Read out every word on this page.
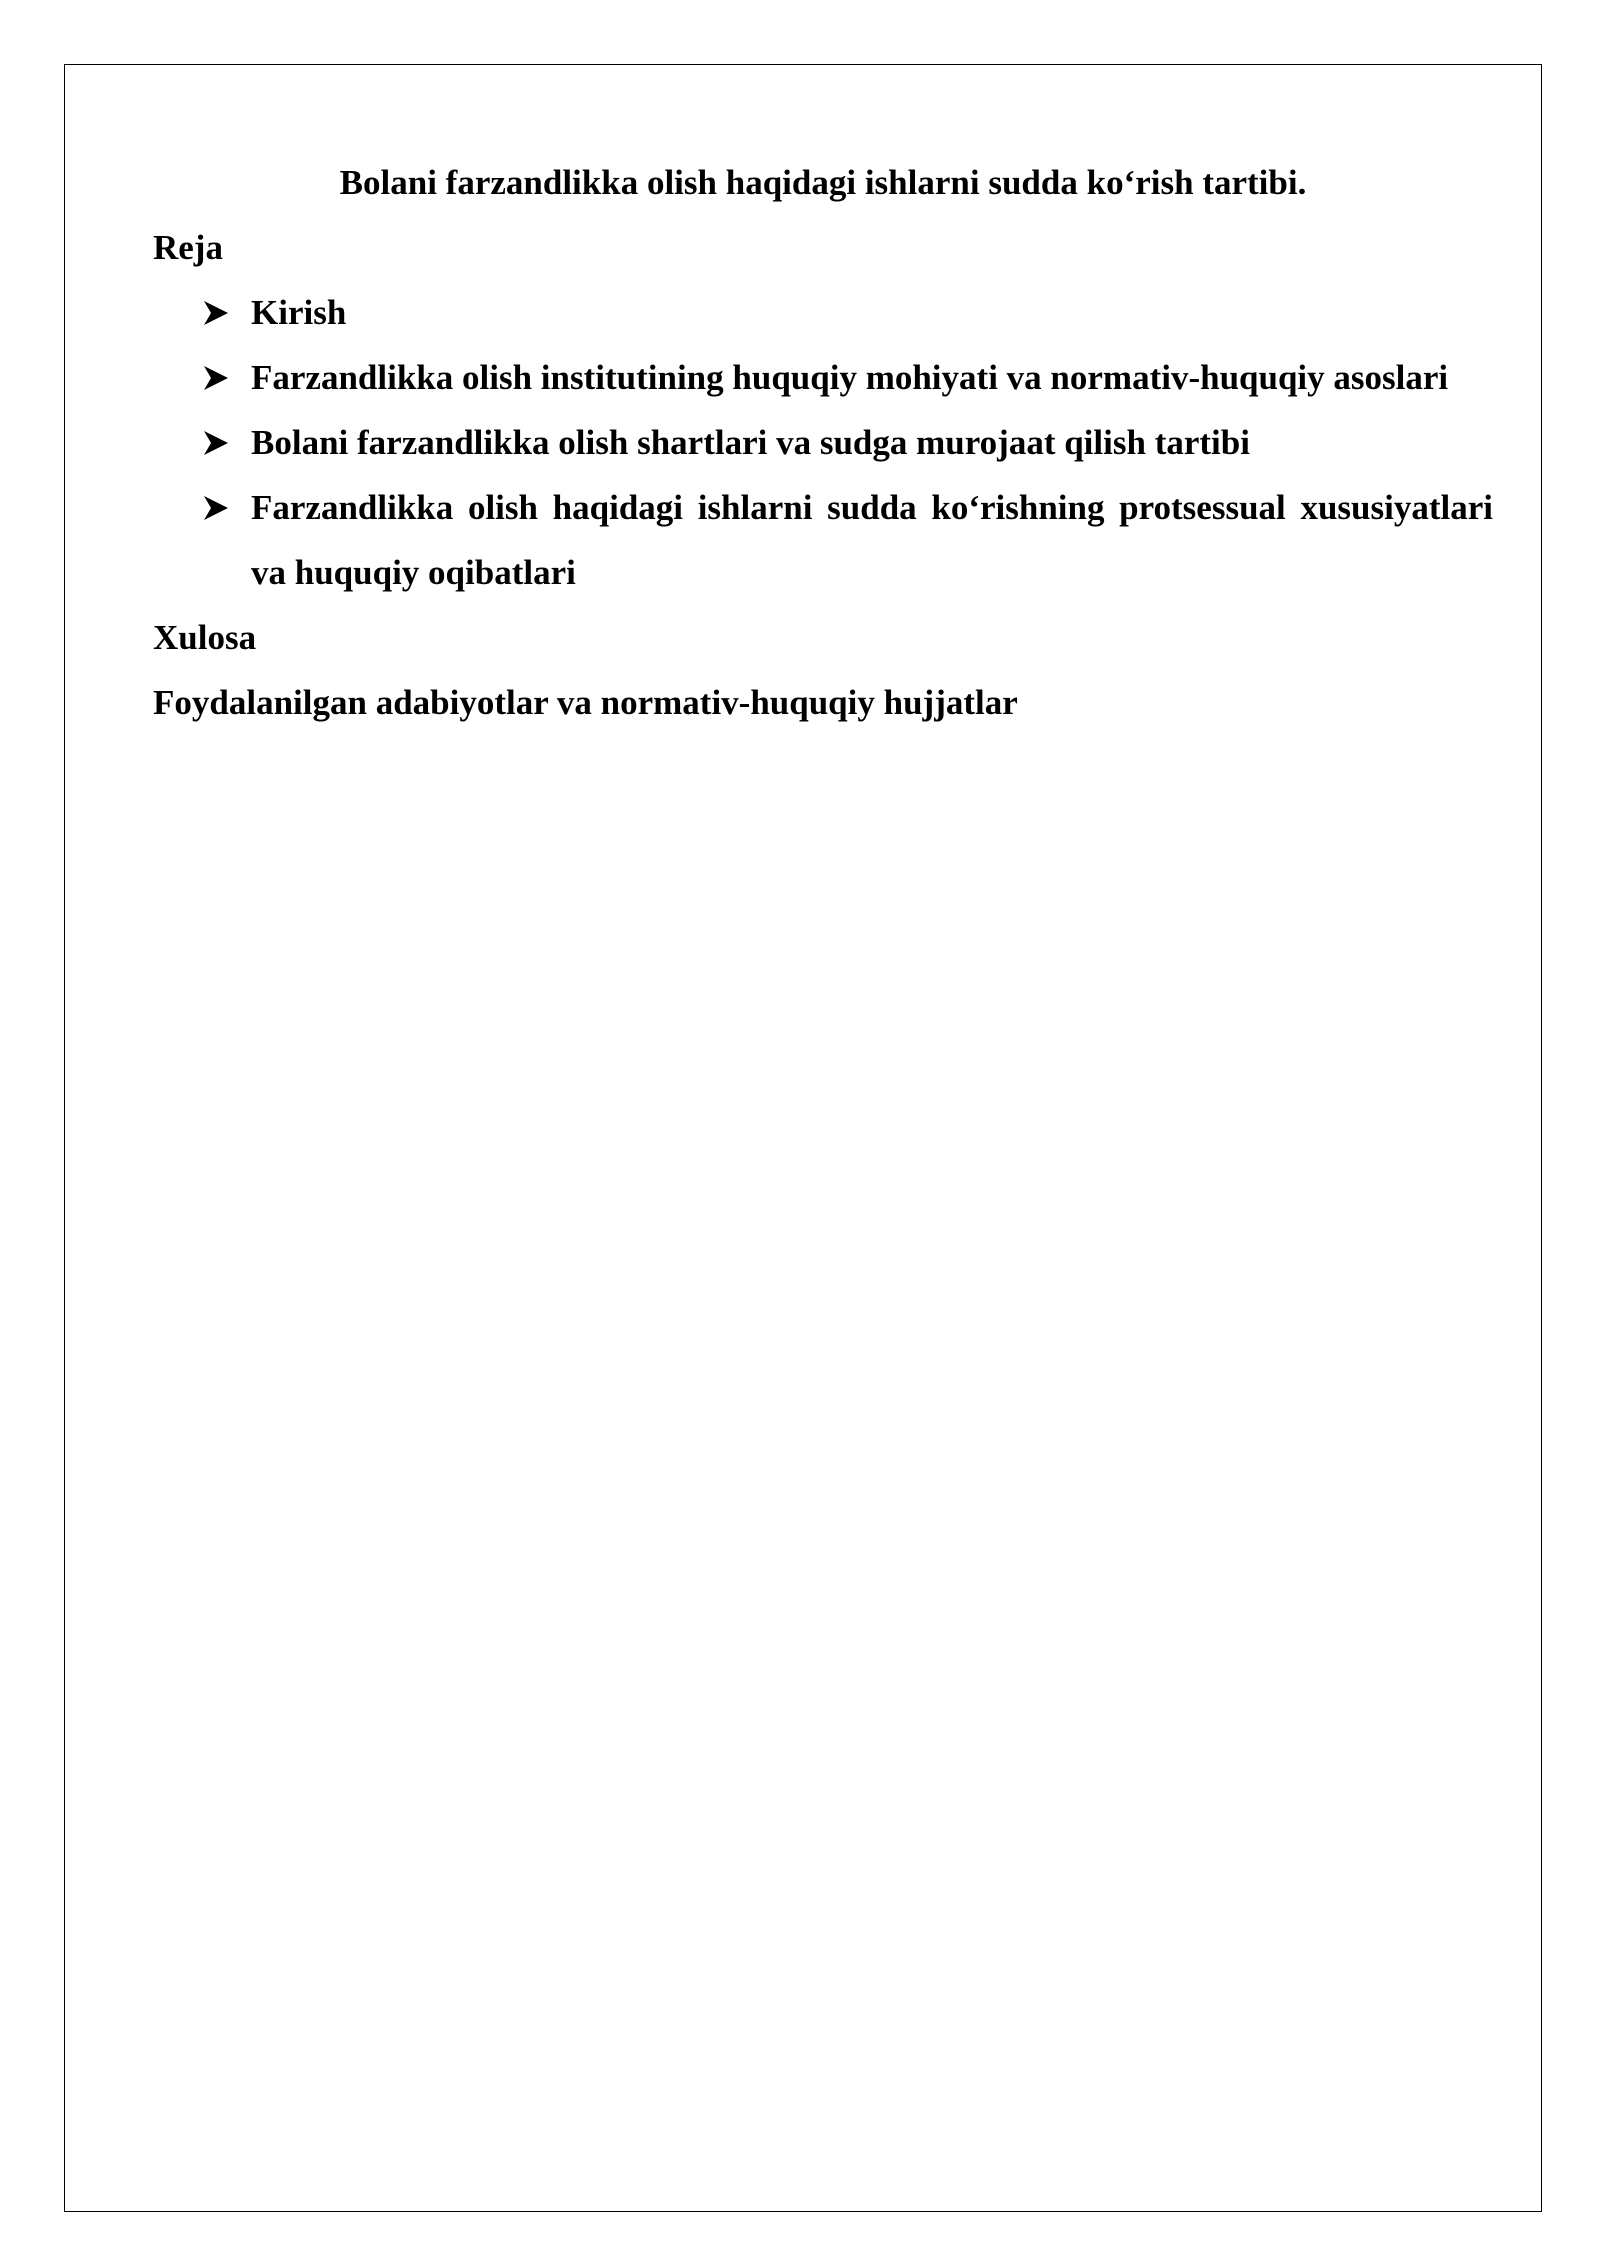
Bolani farzandlikka olish haqidagi ishlarni sudda ko‘rish tartibi.

Reja

Kirish
Farzandlikka olish institutining huquqiy mohiyati va normativ-huquqiy asoslari
Bolani farzandlikka olish shartlari va sudga murojaat qilish tartibi
Farzandlikka olish haqidagi ishlarni sudda ko‘rishning protsessual xususiyatlari va huquqiy oqibatlari

Xulosa

Foydalanilgan adabiyotlar va normativ-huquqiy hujjatlar
